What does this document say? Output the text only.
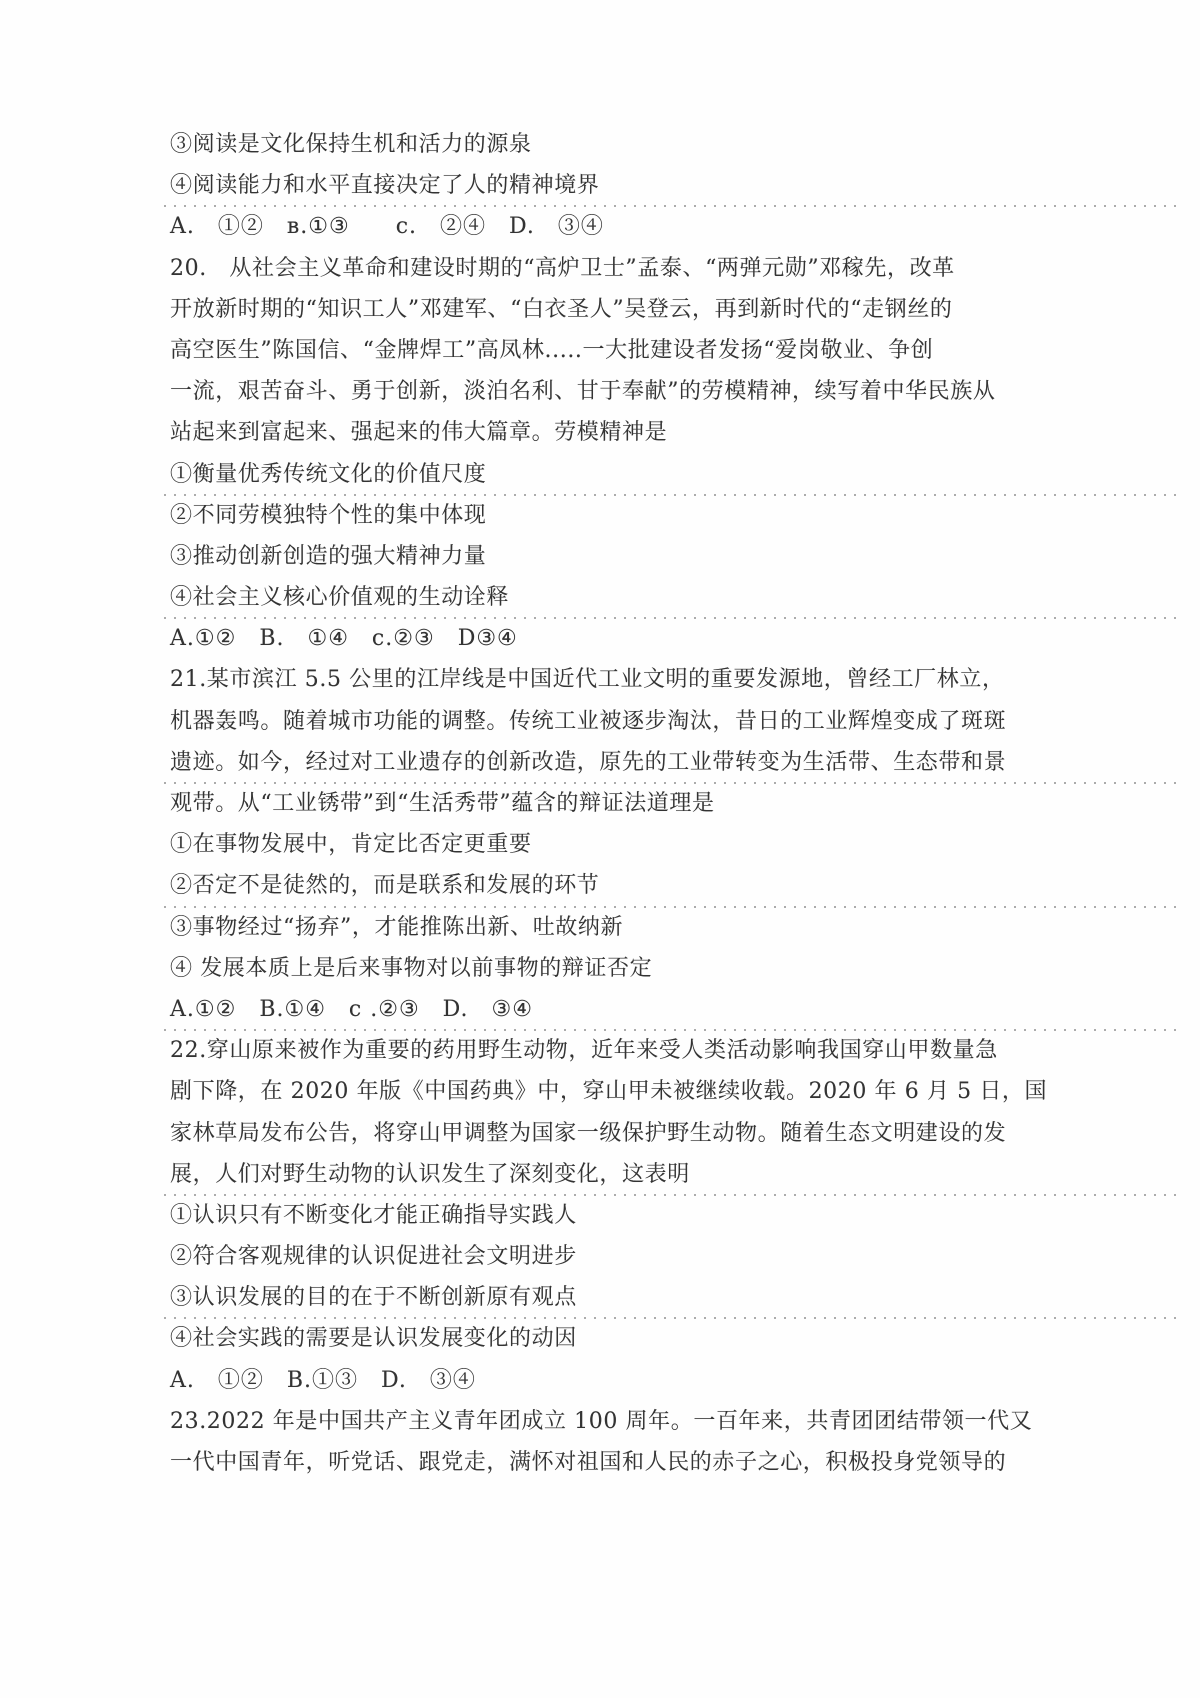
③阅读是文化保持生机和活力的源泉
④阅读能力和水平直接决定了人的精神境界
A.　①②　в.①③　　c.　②④　D.　③④
20.　从社会主义革命和建设时期的“高炉卫士”孟泰、“两弹元勋”邓稼先，改革
开放新时期的“知识工人”邓建军、“白衣圣人”吴登云，再到新时代的“走钢丝的
高空医生”陈国信、“金牌焊工”高凤林.....一大批建设者发扬“爱岗敬业、争创
一流，艰苦奋斗、勇于创新，淡泊名利、甘于奉献”的劳模精神，续写着中华民族从
站起来到富起来、强起来的伟大篇章。劳模精神是
①衡量优秀传统文化的价值尺度
②不同劳模独特个性的集中体现
③推动创新创造的强大精神力量
④社会主义核心价值观的生动诠释
A.①②　B.　①④　c.②③　D③④
21.某市滨江 5.5 公里的江岸线是中国近代工业文明的重要发源地，曾经工厂林立，
机器轰鸣。随着城市功能的调整。传统工业被逐步淘汰，昔日的工业辉煌变成了斑斑
遗迹。如今，经过对工业遗存的创新改造，原先的工业带转变为生活带、生态带和景
观带。从“工业锈带”到“生活秀带”蕴含的辩证法道理是
①在事物发展中，肯定比否定更重要
②否定不是徒然的，而是联系和发展的环节
③事物经过“扬弃”，才能推陈出新、吐故纳新
④ 发展本质上是后来事物对以前事物的辩证否定
A.①②　B.①④　c .②③　D.　③④
22.穿山原来被作为重要的药用野生动物，近年来受人类活动影响我国穿山甲数量急
剧下降，在 2020 年版《中国药典》中，穿山甲未被继续收载。2020 年 6 月 5 日，国
家林草局发布公告，将穿山甲调整为国家一级保护野生动物。随着生态文明建设的发
展，人们对野生动物的认识发生了深刻变化，这表明
①认识只有不断变化才能正确指导实践人
②符合客观规律的认识促进社会文明进步
③认识发展的目的在于不断创新原有观点
④社会实践的需要是认识发展变化的动因
A.　①②　B.①③　D.　③④
23.2022 年是中国共产主义青年团成立 100 周年。一百年来，共青团团结带领一代又
一代中国青年，听党话、跟党走，满怀对祖国和人民的赤子之心，积极投身党领导的
